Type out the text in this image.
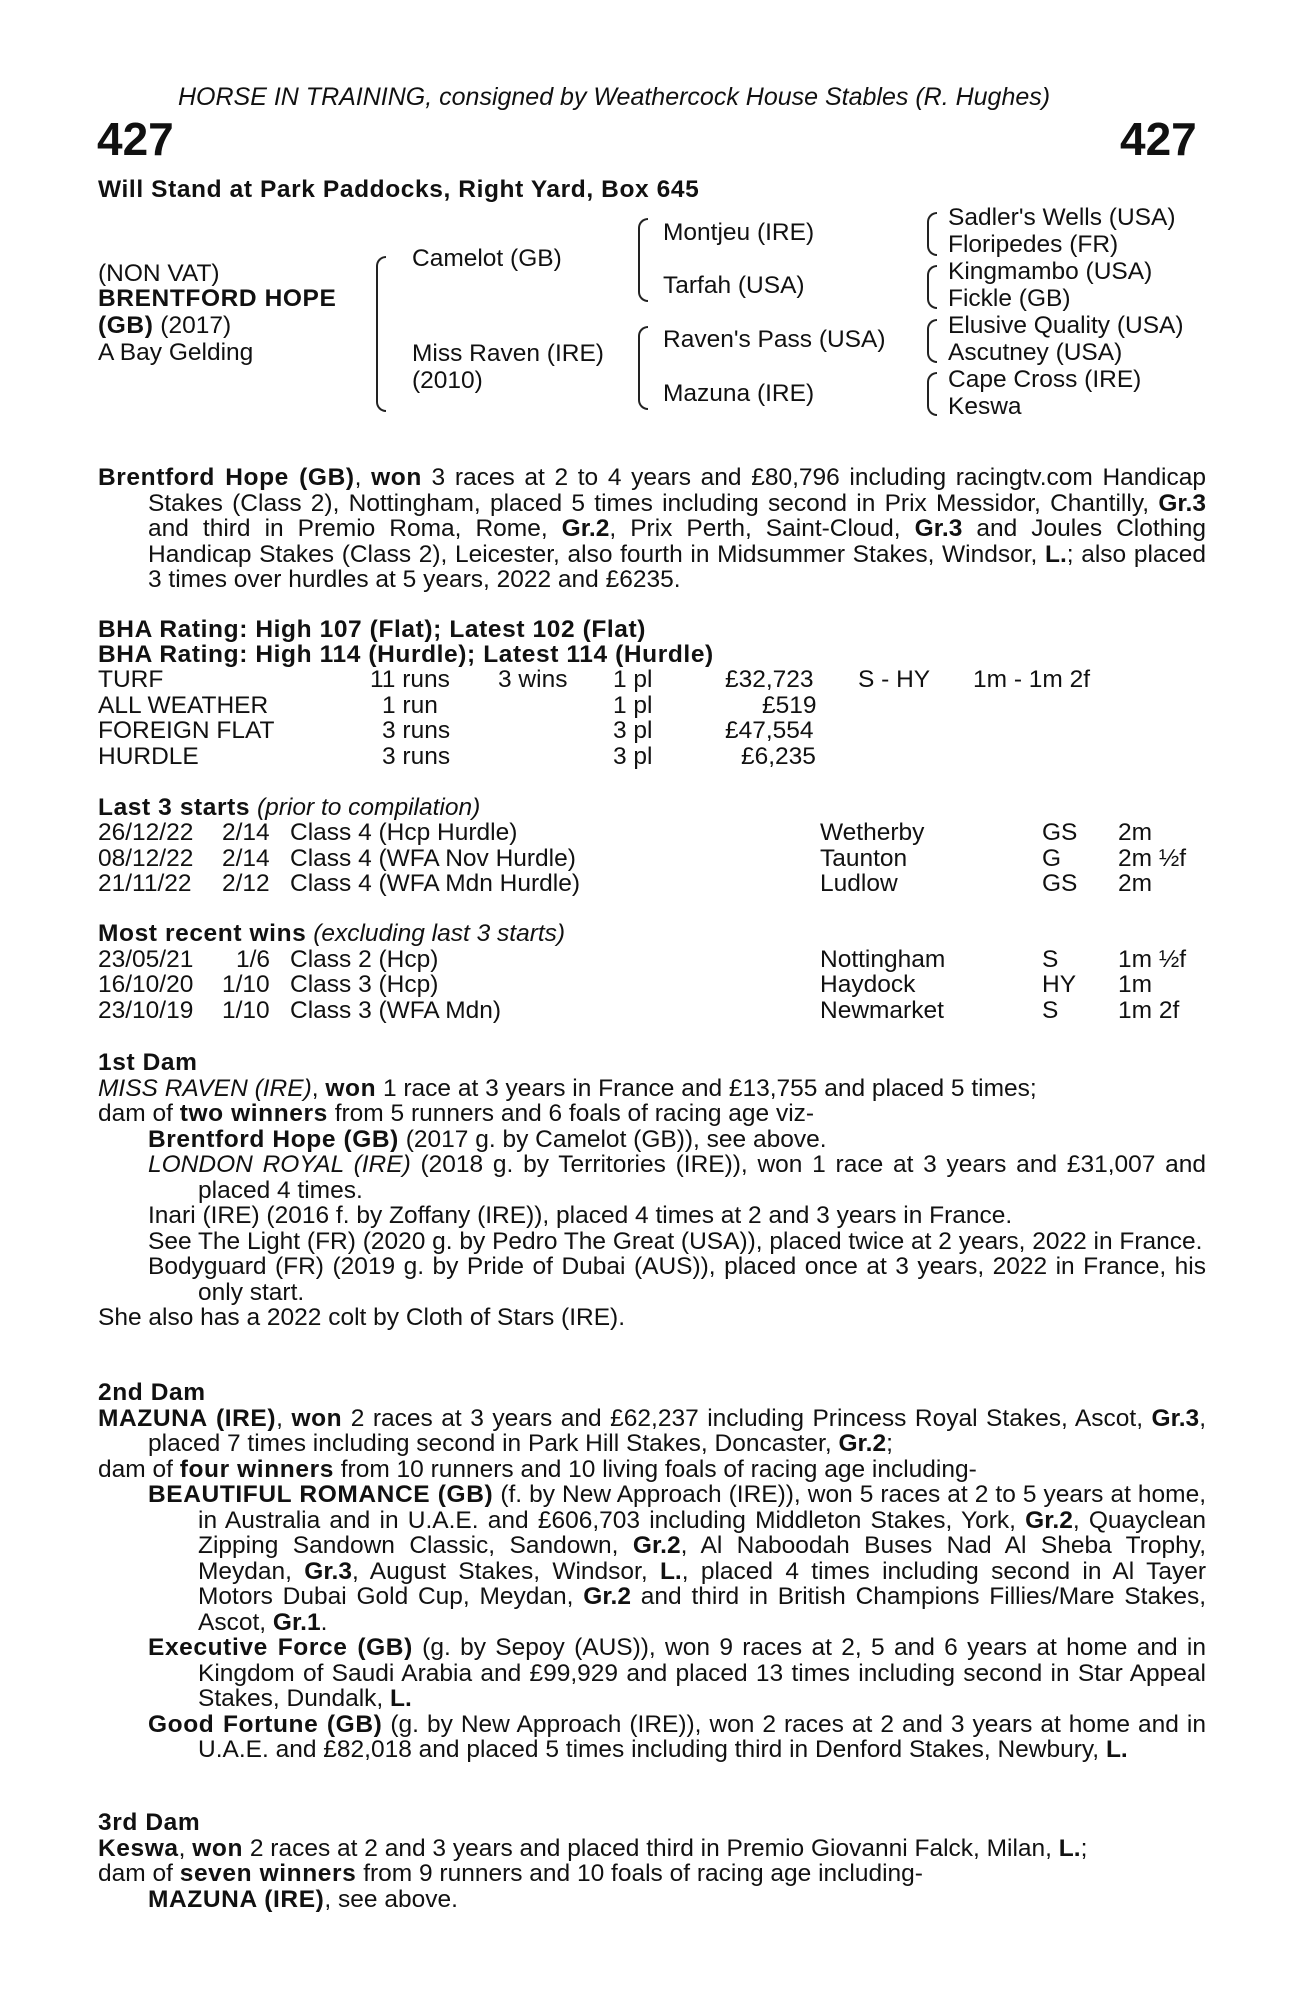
HORSE IN TRAINING, consigned by Weathercock House Stables (R. Hughes)
427	427
Will Stand at Park Paddocks, Right Yard, Box 645
(NON VAT)
BRENTFORD HOPE
(GB) (2017)
A Bay Gelding
Camelot (GB)
Miss Raven (IRE)
(2010)
Montjeu (IRE)
Tarfah (USA)
Raven's Pass (USA)
Mazuna (IRE)
Sadler's Wells (USA)
Floripedes (FR)
Kingmambo (USA)
Fickle (GB)
Elusive Quality (USA)
Ascutney (USA)
Cape Cross (IRE)
Keswa
Brentford Hope (GB), won 3 races at 2 to 4 years and £80,796 including racingtv.com Handicap Stakes (Class 2), Nottingham, placed 5 times including second in Prix Messidor, Chantilly, Gr.3 and third in Premio Roma, Rome, Gr.2, Prix Perth, Saint-Cloud, Gr.3 and Joules Clothing Handicap Stakes (Class 2), Leicester, also fourth in Midsummer Stakes, Windsor, L.; also placed 3 times over hurdles at 5 years, 2022 and £6235.
BHA Rating: High 107 (Flat); Latest 102 (Flat)
BHA Rating: High 114 (Hurdle); Latest 114 (Hurdle)
TURF	11 runs 3 wins 1 pl	£32,723 S - HY 1m - 1m 2f
ALL WEATHER	1 run	1 pl	£519
FOREIGN FLAT	3 runs	3 pl	£47,554
HURDLE	3 runs	3 pl	£6,235
Last 3 starts (prior to compilation)
26/12/22 2/14 Class 4 (Hcp Hurdle)	Wetherby	GS 2m
08/12/22 2/14 Class 4 (WFA Nov Hurdle)	Taunton	G 2m ½f
21/11/22 2/12 Class 4 (WFA Mdn Hurdle)	Ludlow	GS 2m
Most recent wins (excluding last 3 starts)
23/05/21 1/6 Class 2 (Hcp)	Nottingham	S 1m ½f
16/10/20 1/10 Class 3 (Hcp)	Haydock	HY 1m
23/10/19 1/10 Class 3 (WFA Mdn)	Newmarket	S 1m 2f
1st Dam
MISS RAVEN (IRE), won 1 race at 3 years in France and £13,755 and placed 5 times;
dam of two winners from 5 runners and 6 foals of racing age viz-
Brentford Hope (GB) (2017 g. by Camelot (GB)), see above.
LONDON ROYAL (IRE) (2018 g. by Territories (IRE)), won 1 race at 3 years and £31,007 and placed 4 times.
Inari (IRE) (2016 f. by Zoffany (IRE)), placed 4 times at 2 and 3 years in France.
See The Light (FR) (2020 g. by Pedro The Great (USA)), placed twice at 2 years, 2022 in France.
Bodyguard (FR) (2019 g. by Pride of Dubai (AUS)), placed once at 3 years, 2022 in France, his only start.
She also has a 2022 colt by Cloth of Stars (IRE).
2nd Dam
MAZUNA (IRE), won 2 races at 3 years and £62,237 including Princess Royal Stakes, Ascot, Gr.3, placed 7 times including second in Park Hill Stakes, Doncaster, Gr.2;
dam of four winners from 10 runners and 10 living foals of racing age including-
BEAUTIFUL ROMANCE (GB) (f. by New Approach (IRE)), won 5 races at 2 to 5 years at home, in Australia and in U.A.E. and £606,703 including Middleton Stakes, York, Gr.2, Quayclean Zipping Sandown Classic, Sandown, Gr.2, Al Naboodah Buses Nad Al Sheba Trophy, Meydan, Gr.3, August Stakes, Windsor, L., placed 4 times including second in Al Tayer Motors Dubai Gold Cup, Meydan, Gr.2 and third in British Champions Fillies/Mare Stakes, Ascot, Gr.1.
Executive Force (GB) (g. by Sepoy (AUS)), won 9 races at 2, 5 and 6 years at home and in Kingdom of Saudi Arabia and £99,929 and placed 13 times including second in Star Appeal Stakes, Dundalk, L.
Good Fortune (GB) (g. by New Approach (IRE)), won 2 races at 2 and 3 years at home and in U.A.E. and £82,018 and placed 5 times including third in Denford Stakes, Newbury, L.
3rd Dam
Keswa, won 2 races at 2 and 3 years and placed third in Premio Giovanni Falck, Milan, L.;
dam of seven winners from 9 runners and 10 foals of racing age including-
MAZUNA (IRE), see above.
